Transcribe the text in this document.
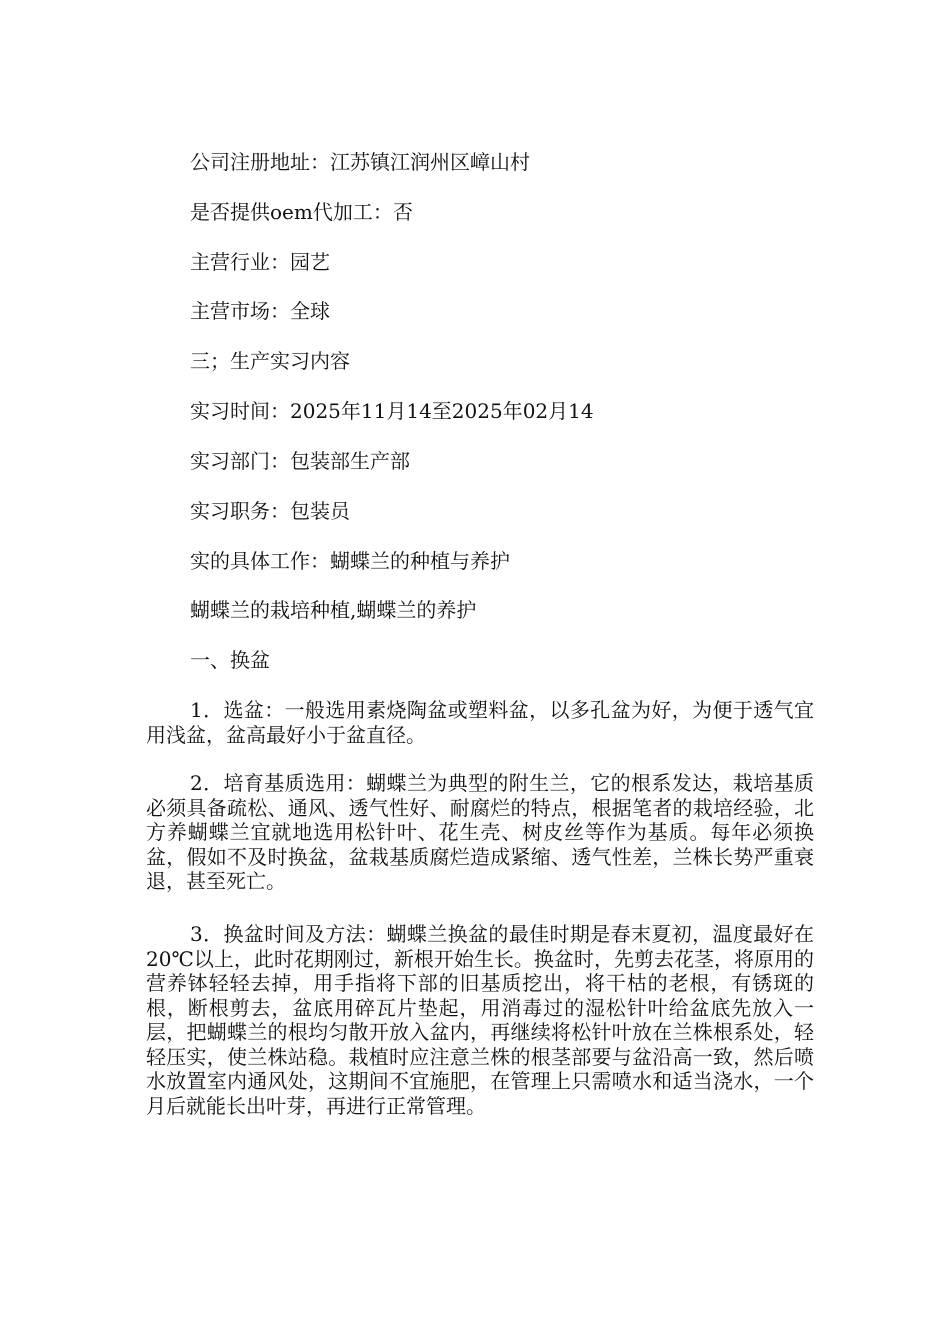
公司注册地址：江苏镇江润州区嶂山村
是否提供oem代加工：否
主营行业：园艺
主营市场：全球
三；生产实习内容
实习时间：2025年11月14至2025年02月14
实习部门：包装部生产部
实习职务：包装员
实的具体工作：蝴蝶兰的种植与养护
蝴蝶兰的栽培种植,蝴蝶兰的养护
一、换盆

1．选盆：一般选用素烧陶盆或塑料盆，以多孔盆为好，为便于透气宜用浅盆，盆高最好小于盆直径。

2．培育基质选用：蝴蝶兰为典型的附生兰，它的根系发达，栽培基质必须具备疏松、通风、透气性好、耐腐烂的特点，根据笔者的栽培经验，北方养蝴蝶兰宜就地选用松针叶、花生壳、树皮丝等作为基质。每年必须换盆，假如不及时换盆，盆栽基质腐烂造成紧缩、透气性差，兰株长势严重衰退，甚至死亡。

3．换盆时间及方法：蝴蝶兰换盆的最佳时期是春末夏初，温度最好在20℃以上，此时花期刚过，新根开始生长。换盆时，先剪去花茎，将原用的营养钵轻轻去掉，用手指将下部的旧基质挖出，将干枯的老根，有锈斑的根，断根剪去，盆底用碎瓦片垫起，用消毒过的湿松针叶给盆底先放入一层，把蝴蝶兰的根均匀散开放入盆内，再继续将松针叶放在兰株根系处，轻轻压实，使兰株站稳。栽植时应注意兰株的根茎部要与盆沿高一致，然后喷水放置室内通风处，这期间不宜施肥，在管理上只需喷水和适当浇水，一个月后就能长出叶芽，再进行正常管理。
